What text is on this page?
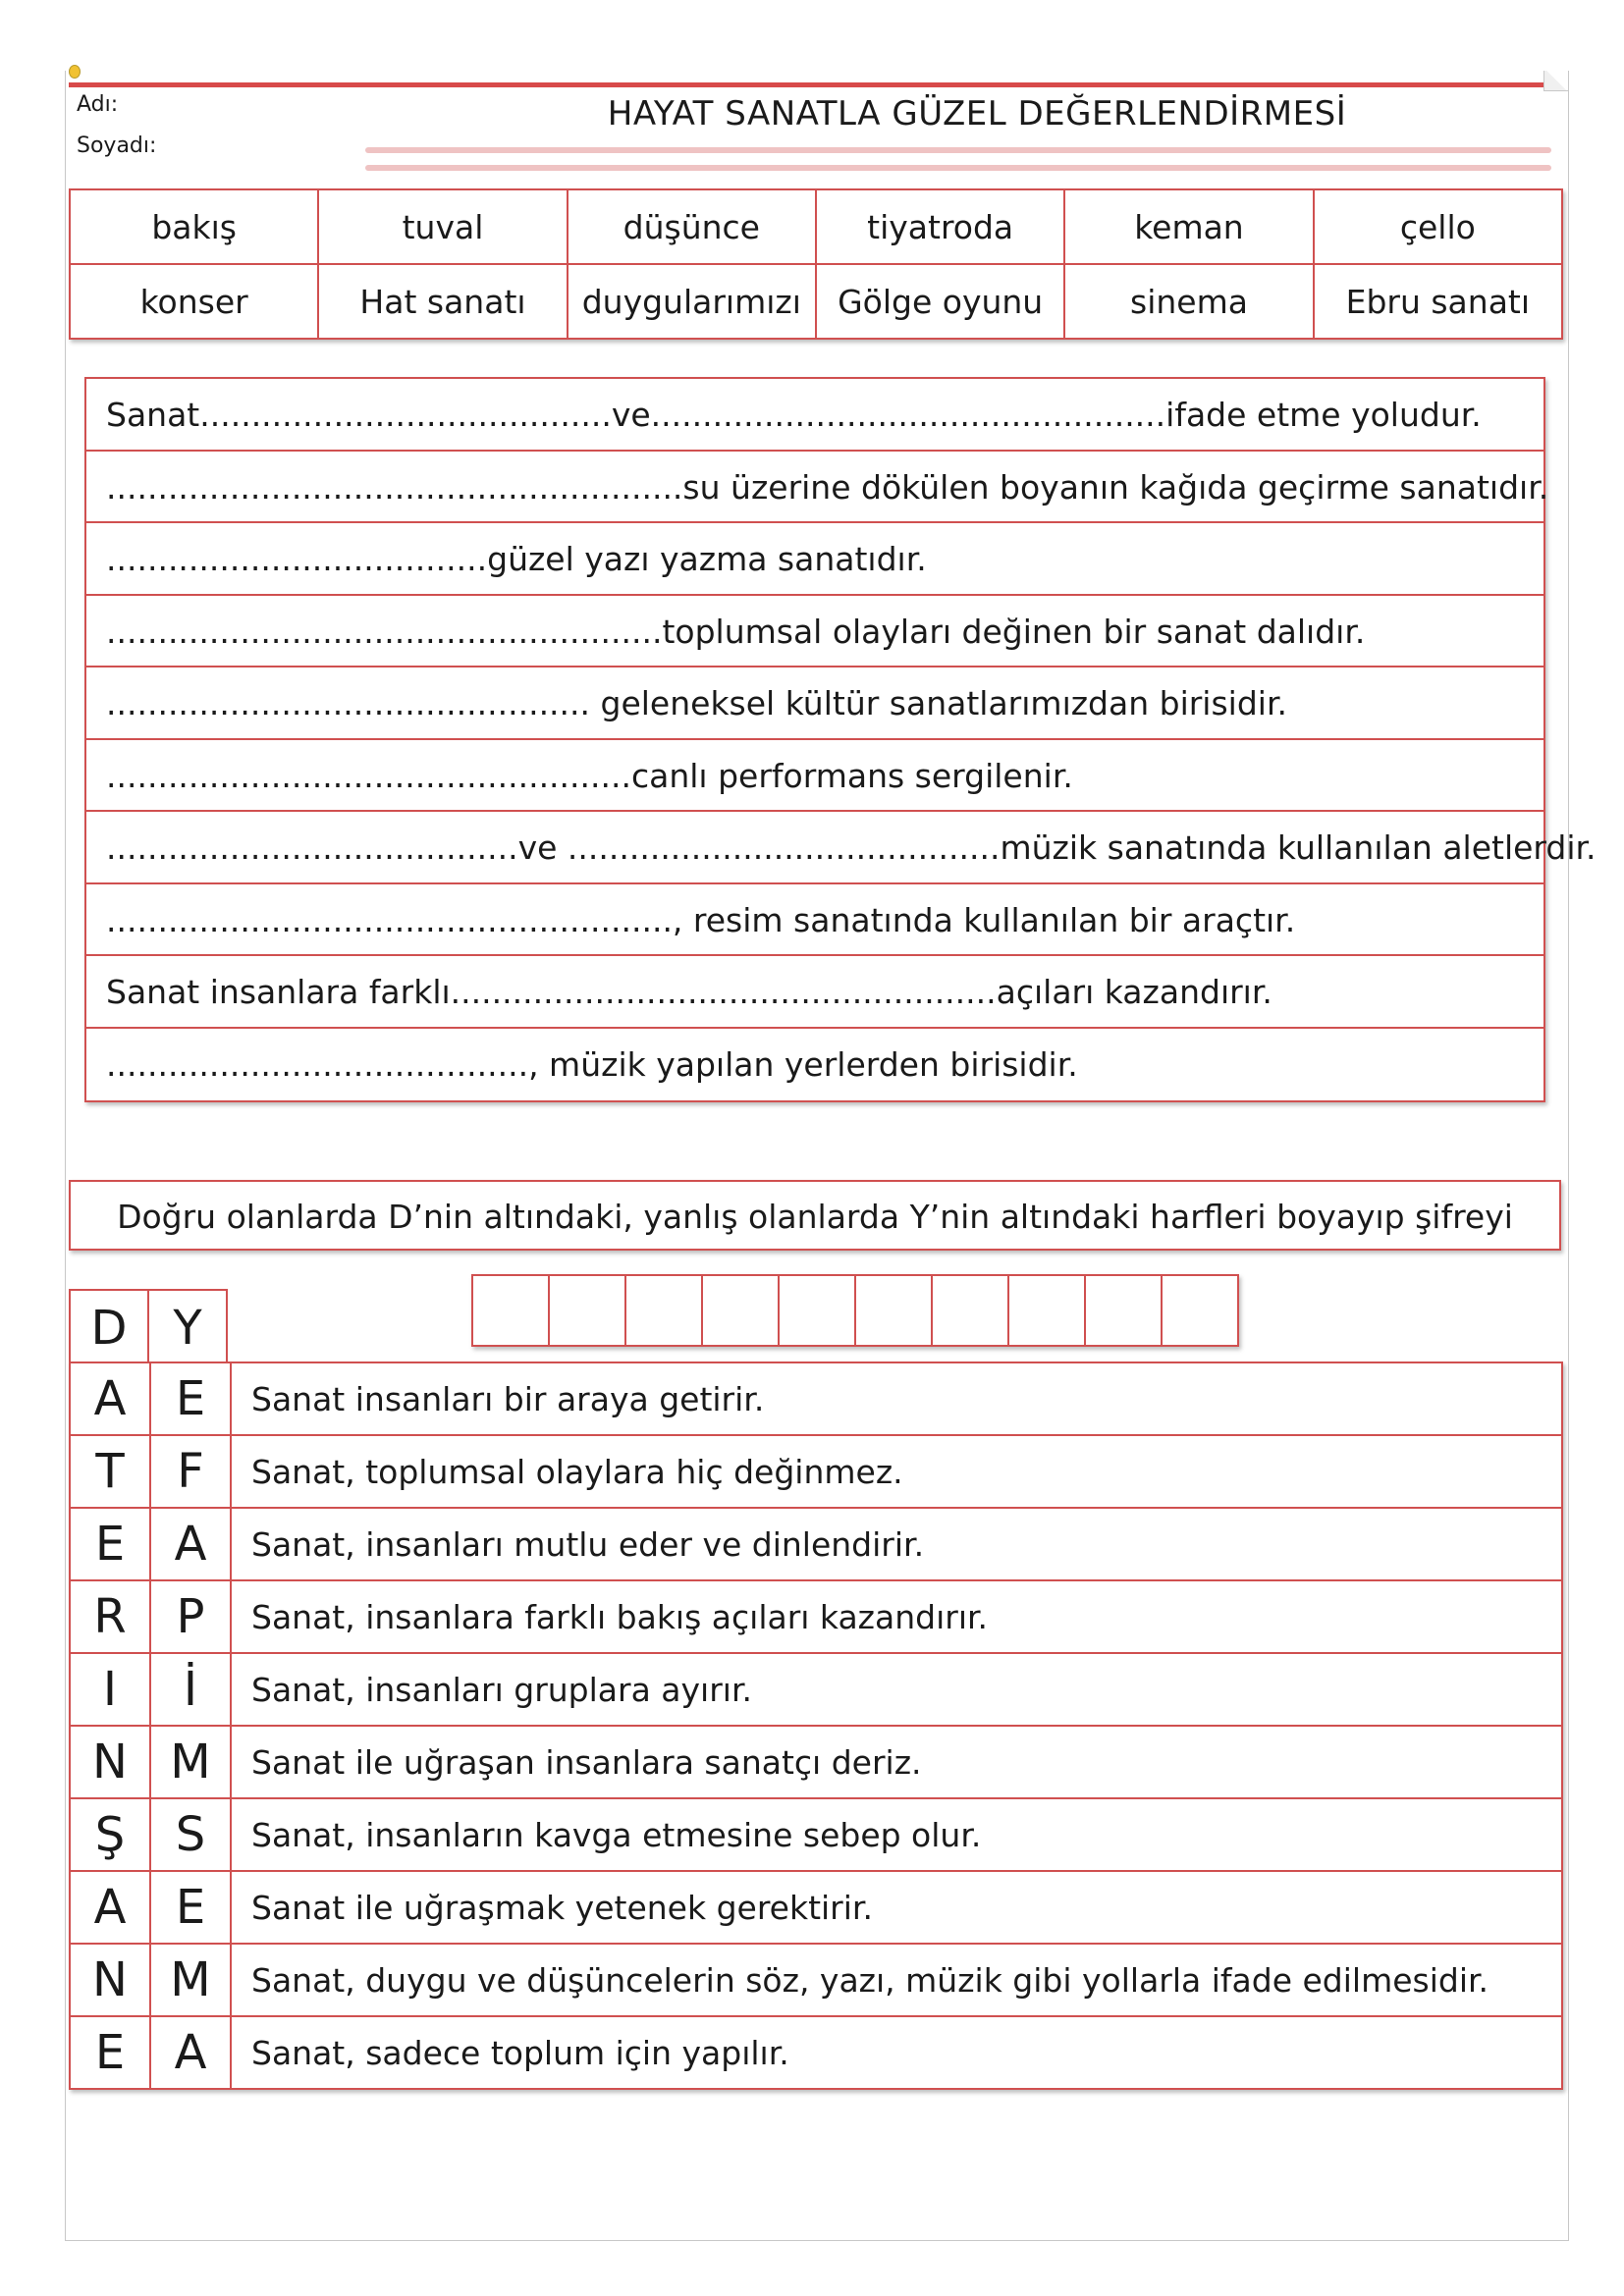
Adı:
Soyadı:
HAYAT SANATLA GÜZEL DEĞERLENDİRMESİ
bakış	tuval	düşünce	tiyatroda	keman	çello
konser	Hat sanatı	duygularımızı	Gölge oyunu	sinema	Ebru sanatı
Sanat........................................ve..................................................ifade etme yoludur.
........................................................su üzerine dökülen boyanın kağıda geçirme sanatıdır.
.....................................güzel yazı yazma sanatıdır.
......................................................toplumsal olayları değinen bir sanat dalıdır.
............................................... geleneksel kültür sanatlarımızdan birisidir.
...................................................canlı performans sergilenir.
........................................ve ..........................................müzik sanatında kullanılan aletlerdir.
......................................................., resim sanatında kullanılan bir araçtır.
Sanat insanlara farklı.....................................................açıları kazandırır.
........................................., müzik yapılan yerlerden birisidir.
Doğru olanlarda D’nin altındaki, yanlış olanlarda Y’nin altındaki harfleri boyayıp şifreyi
D Y
A	E	Sanat insanları bir araya getirir.
T	F	Sanat, toplumsal olaylara hiç değinmez.
E	A	Sanat, insanları mutlu eder ve dinlendirir.
R	P	Sanat, insanlara farklı bakış açıları kazandırır.
I	İ	Sanat, insanları gruplara ayırır.
N	M	Sanat ile uğraşan insanlara sanatçı deriz.
Ş	S	Sanat, insanların kavga etmesine sebep olur.
A	E	Sanat ile uğraşmak yetenek gerektirir.
N	M	Sanat, duygu ve düşüncelerin söz, yazı, müzik gibi yollarla ifade edilmesidir.
E	A	Sanat, sadece toplum için yapılır.
